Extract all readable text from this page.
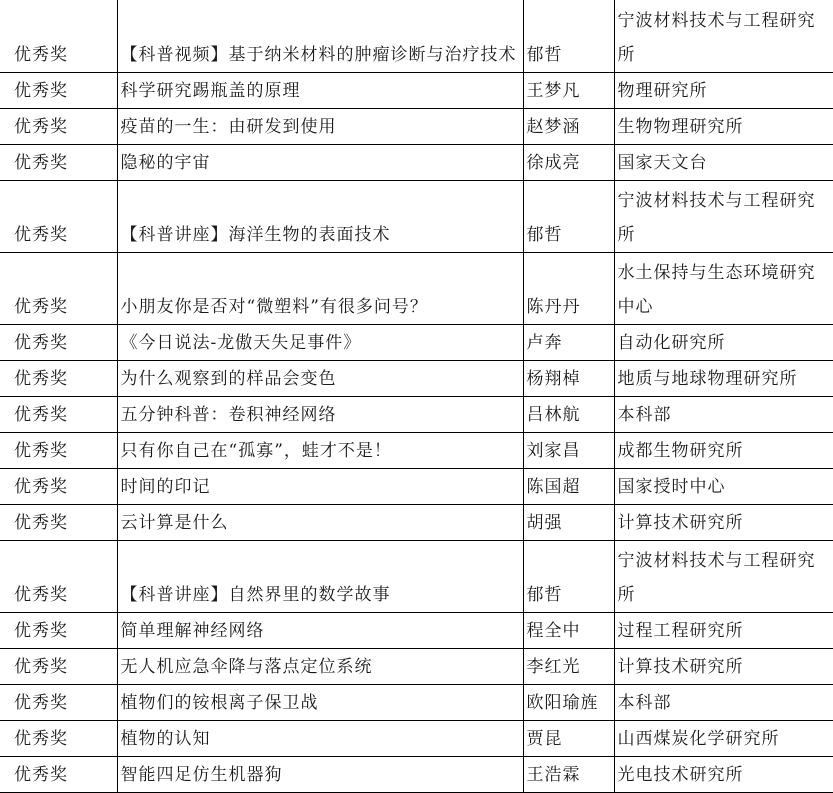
优秀奖	【科普视频】基于纳米材料的肿瘤诊断与治疗技术	郁哲	宁波材料技术与工程研究所
优秀奖	科学研究踢瓶盖的原理	王梦凡	物理研究所
优秀奖	疫苗的一生：由研发到使用	赵梦涵	生物物理研究所
优秀奖	隐秘的宇宙	徐成亮	国家天文台
优秀奖	【科普讲座】海洋生物的表面技术	郁哲	宁波材料技术与工程研究所
优秀奖	小朋友你是否对“微塑料”有很多问号？	陈丹丹	水土保持与生态环境研究中心
优秀奖	《今日说法-龙傲天失足事件》	卢奔	自动化研究所
优秀奖	为什么观察到的样品会变色	杨翔棹	地质与地球物理研究所
优秀奖	五分钟科普：卷积神经网络	吕林航	本科部
优秀奖	只有你自己在“孤寡”，蛙才不是！	刘家昌	成都生物研究所
优秀奖	时间的印记	陈国超	国家授时中心
优秀奖	云计算是什么	胡强	计算技术研究所
优秀奖	【科普讲座】自然界里的数学故事	郁哲	宁波材料技术与工程研究所
优秀奖	简单理解神经网络	程全中	过程工程研究所
优秀奖	无人机应急伞降与落点定位系统	李红光	计算技术研究所
优秀奖	植物们的铵根离子保卫战	欧阳瑜旌	本科部
优秀奖	植物的认知	贾昆	山西煤炭化学研究所
优秀奖	智能四足仿生机器狗	王浩霖	光电技术研究所
